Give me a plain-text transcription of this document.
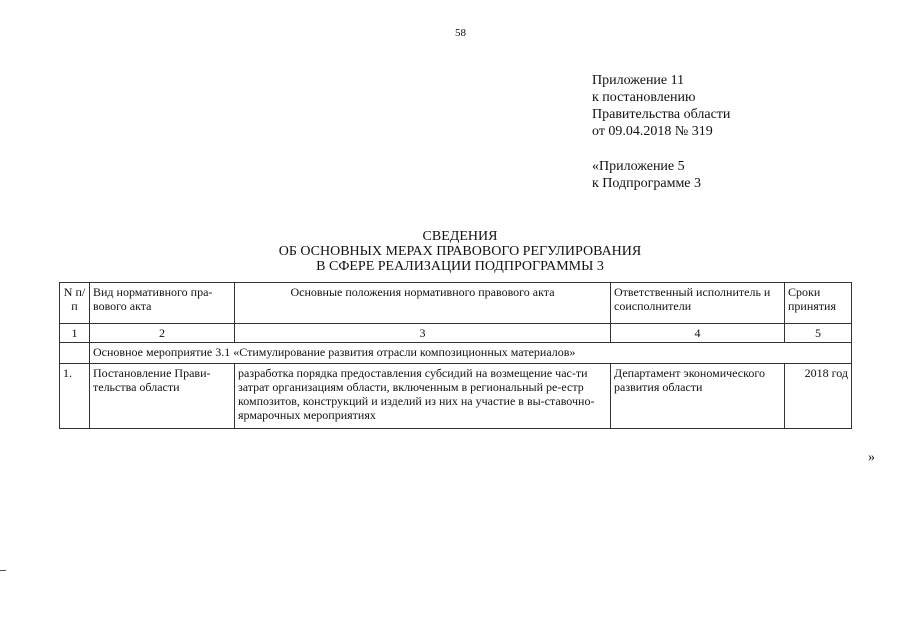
58
Приложение 11
к постановлению
Правительства области
от 09.04.2018 № 319
«Приложение 5
к Подпрограмме 3
СВЕДЕНИЯ
ОБ ОСНОВНЫХ МЕРАХ ПРАВОВОГО РЕГУЛИРОВАНИЯ
В СФЕРЕ РЕАЛИЗАЦИИ ПОДПРОГРАММЫ 3
N п/п	Вид нормативного пра-вового акта	Основные положения нормативного правового акта	Ответственный исполнитель и соисполнители	Сроки принятия
1	2	3	4	5
	Основное мероприятие 3.1 «Стимулирование развития отрасли композиционных материалов»			
1.	Постановление Прави-тельства области	разработка порядка предоставления субсидий на возмещение час-ти затрат организациям области, включенным в региональный ре-естр композитов, конструкций и изделий из них на участие в вы-ставочно-ярмарочных мероприятиях	Департамент экономического развития области	2018 год
»
